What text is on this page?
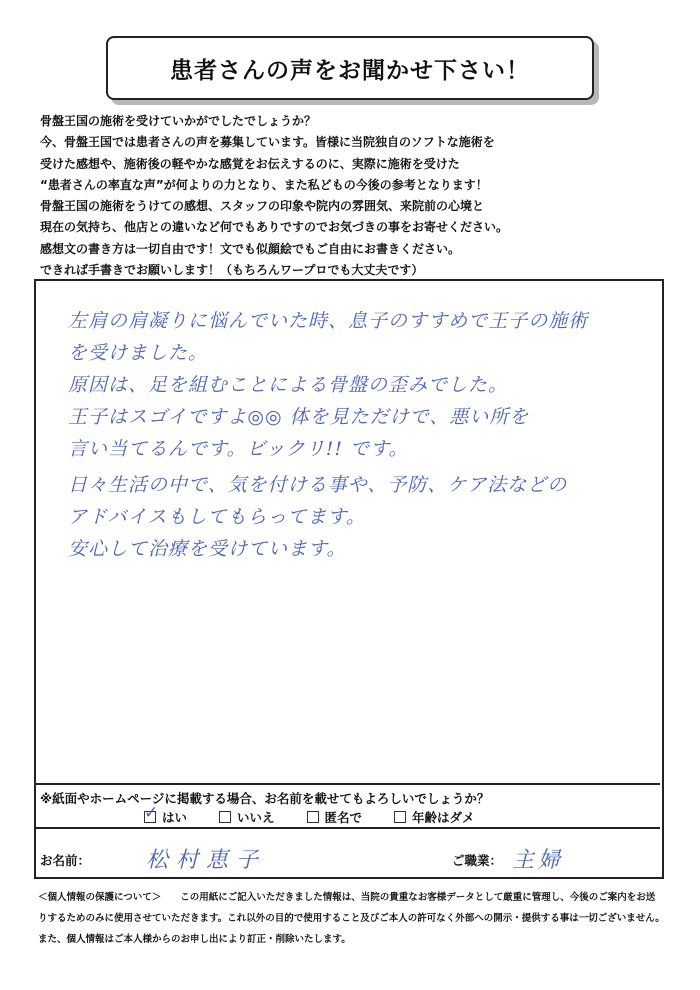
患者さんの声をお聞かせ下さい！
骨盤王国の施術を受けていかがでしたでしょうか？
今、骨盤王国では患者さんの声を募集しています。皆様に当院独自のソフトな施術を
受けた感想や、施術後の軽やかな感覚をお伝えするのに、実際に施術を受けた
“患者さんの率直な声”が何よりの力となり、また私どもの今後の参考となります！
骨盤王国の施術をうけての感想、スタッフの印象や院内の雰囲気、来院前の心境と
現在の気持ち、他店との違いなど何でもありですのでお気づきの事をお寄せください。
感想文の書き方は一切自由です！文でも似顔絵でもご自由にお書きください。
できれば手書きでお願いします！（もちろんワープロでも大丈夫です）
左肩の肩凝りに悩んでいた時、息子のすすめで王子の施術
を受けました。
原因は、足を組むことによる骨盤の歪みでした。
王子はスゴイですよ◎◎ 体を見ただけで、悪い所を
言い当てるんです。ビックリ!! です。
日々生活の中で、気を付ける事や、予防、ケア法などの
アドバイスもしてもらってます。
安心して治療を受けています。
※紙面やホームページに掲載する場合、お名前を載せてもよろしいでしょうか？
✓ はい	いいえ	匿名で	年齢はダメ
お名前：	松村恵子	ご職業： 主婦
＜個人情報の保護について＞　　この用紙にご記入いただきました情報は、当院の貴重なお客様データとして厳重に管理し、今後のご案内をお送
りするためのみに使用させていただきます。これ以外の目的で使用すること及びご本人の許可なく外部への開示・提供する事は一切ございません。
また、個人情報はご本人様からのお申し出により訂正・削除いたします。
